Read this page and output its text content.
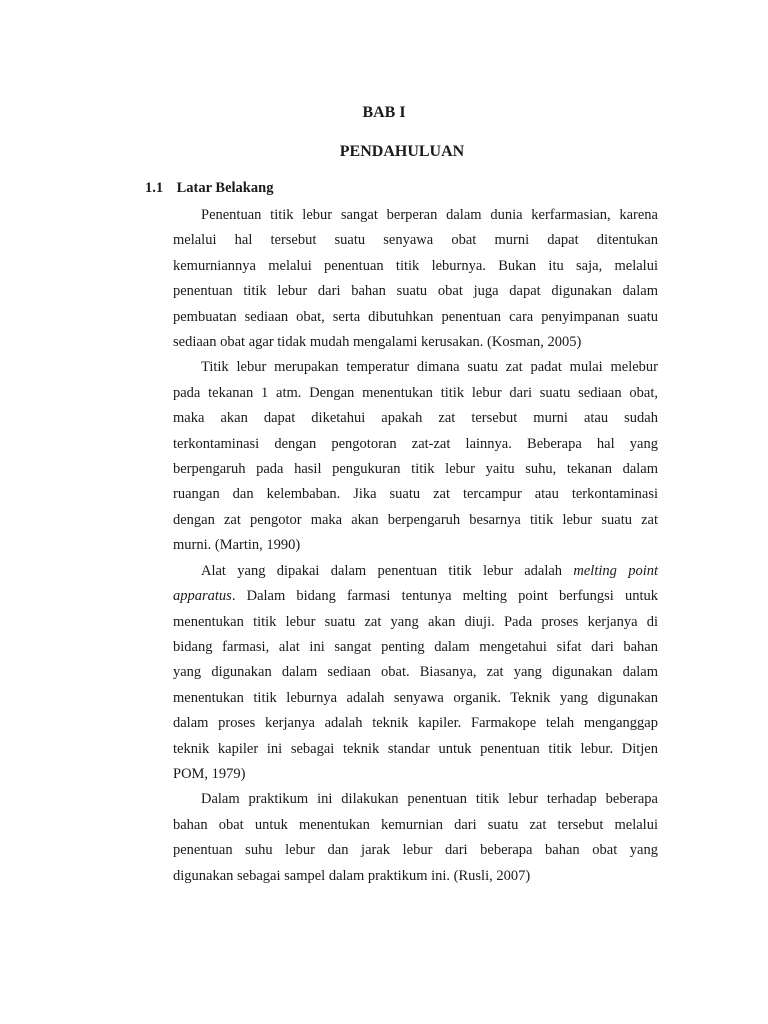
BAB I
PENDAHULUAN
1.1 Latar Belakang

Penentuan titik lebur sangat berperan dalam dunia kerfarmasian, karena
melalui hal tersebut suatu senyawa obat murni dapat ditentukan
kemurniannya melalui penentuan titik leburnya. Bukan itu saja, melalui
penentuan titik lebur dari bahan suatu obat juga dapat digunakan dalam
pembuatan sediaan obat, serta dibutuhkan penentuan cara penyimpanan suatu
sediaan obat agar tidak mudah mengalami kerusakan. (Kosman, 2005)

Titik lebur merupakan temperatur dimana suatu zat padat mulai melebur
pada tekanan 1 atm. Dengan menentukan titik lebur dari suatu sediaan obat,
maka akan dapat diketahui apakah zat tersebut murni atau sudah
terkontaminasi dengan pengotoran zat-zat lainnya. Beberapa hal yang
berpengaruh pada hasil pengukuran titik lebur yaitu suhu, tekanan dalam
ruangan dan kelembaban. Jika suatu zat tercampur atau terkontaminasi
dengan zat pengotor maka akan berpengaruh besarnya titik lebur suatu zat
murni. (Martin, 1990)

Alat yang dipakai dalam penentuan titik lebur adalah melting point
apparatus. Dalam bidang farmasi tentunya melting point berfungsi untuk
menentukan titik lebur suatu zat yang akan diuji. Pada proses kerjanya di
bidang farmasi, alat ini sangat penting dalam mengetahui sifat dari bahan
yang digunakan dalam sediaan obat. Biasanya, zat yang digunakan dalam
menentukan titik leburnya adalah senyawa organik. Teknik yang digunakan
dalam proses kerjanya adalah teknik kapiler. Farmakope telah menganggap
teknik kapiler ini sebagai teknik standar untuk penentuan titik lebur. Ditjen
POM, 1979)

Dalam praktikum ini dilakukan penentuan titik lebur terhadap beberapa
bahan obat untuk menentukan kemurnian dari suatu zat tersebut melalui
penentuan suhu lebur dan jarak lebur dari beberapa bahan obat yang
digunakan sebagai sampel dalam praktikum ini. (Rusli, 2007)
